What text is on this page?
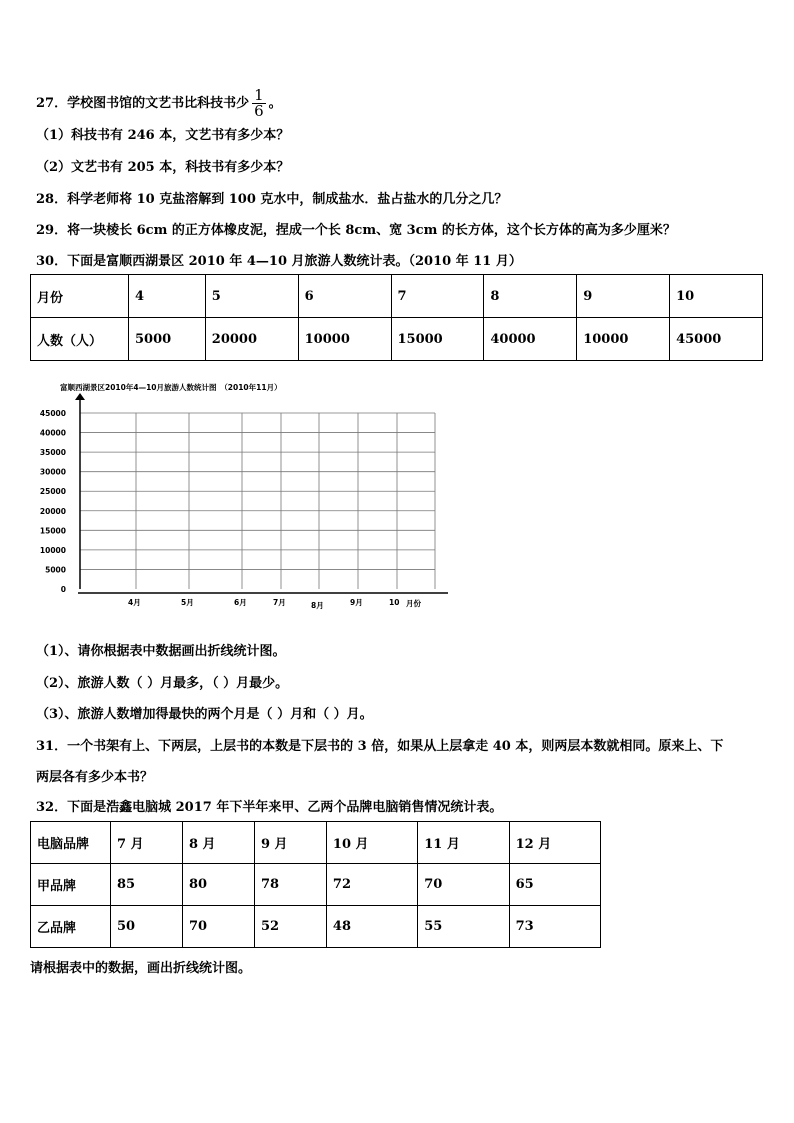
27．学校图书馆的文艺书比科技书少 $\frac{1}{6}$ 。
（1）科技书有 246 本，文艺书有多少本？
（2）文艺书有 205 本，科技书有多少本？
28．科学老师将 10 克盐溶解到 100 克水中，制成盐水．盐占盐水的几分之几？
29．将一块棱长 6cm 的正方体橡皮泥，捏成一个长 8cm、宽 3cm 的长方体，这个长方体的高为多少厘米？
30．下面是富顺西湖景区 2010 年 4—10 月旅游人数统计表。（2010 年 11 月）
月份	4	5	6	7	8	9	10
人数（人）	5000	20000	10000	15000	40000	10000	45000
富顺西湖景区2010年4—10月旅游人数统计图　（2010年11月）
0
5000
10000
15000
20000
25000
30000
35000
40000
45000
4月	5月	6月	7月	8月	9月	10 月份
（1）、请你根据表中数据画出折线统计图。
（2）、旅游人数（ ）月最多，（ ）月最少。
（3）、旅游人数增加得最快的两个月是（ ）月和（ ）月。
31．一个书架有上、下两层，上层书的本数是下层书的 3 倍，如果从上层拿走 40 本，则两层本数就相同。原来上、下
两层各有多少本书？
32．下面是浩鑫电脑城 2017 年下半年来甲、乙两个品牌电脑销售情况统计表。
电脑品牌	7 月	8 月	9 月	10 月	11 月	12 月
甲品牌	85	80	78	72	70	65
乙品牌	50	70	52	48	55	73
请根据表中的数据，画出折线统计图。
